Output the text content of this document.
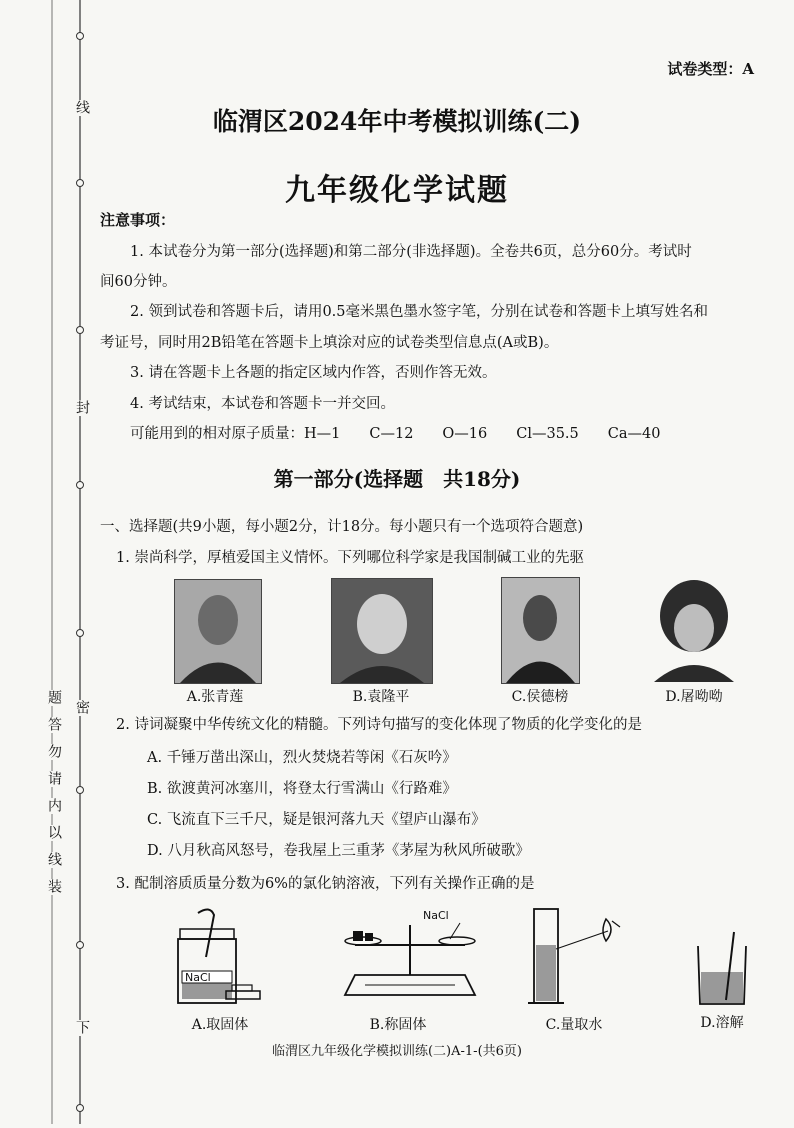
线
封
密
题
答
勿
请
内
以
线
装
下
试卷类型：A
临渭区2024年中考模拟训练(二)
九年级化学试题
注意事项：
1. 本试卷分为第一部分(选择题)和第二部分(非选择题)。全卷共6页，总分60分。考试时
间60分钟。
2. 领到试卷和答题卡后，请用0.5毫米黑色墨水签字笔，分别在试卷和答题卡上填写姓名和
考证号，同时用2B铅笔在答题卡上填涂对应的试卷类型信息点(A或B)。
3. 请在答题卡上各题的指定区域内作答，否则作答无效。
4. 考试结束，本试卷和答题卡一并交回。
可能用到的相对原子质量：H—1　　C—12　　O—16　　Cl—35.5　　Ca—40
第一部分(选择题　共18分)
一、选择题(共9小题，每小题2分，计18分。每小题只有一个选项符合题意)
1. 崇尚科学，厚植爱国主义情怀。下列哪位科学家是我国制碱工业的先驱
A.张青莲	B.袁隆平	C.侯德榜	D.屠呦呦
2. 诗词凝聚中华传统文化的精髓。下列诗句描写的变化体现了物质的化学变化的是
A. 千锤万凿出深山，烈火焚烧若等闲《石灰吟》
B. 欲渡黄河冰塞川，将登太行雪满山《行路难》
C. 飞流直下三千尺，疑是银河落九天《望庐山瀑布》
D. 八月秋高风怒号，卷我屋上三重茅《茅屋为秋风所破歌》
3. 配制溶质质量分数为6%的氯化钠溶液，下列有关操作正确的是
NaCl
NaCl
A.取固体	B.称固体	C.量取水	D.溶解
临渭区九年级化学模拟训练(二)A-1-(共6页)
